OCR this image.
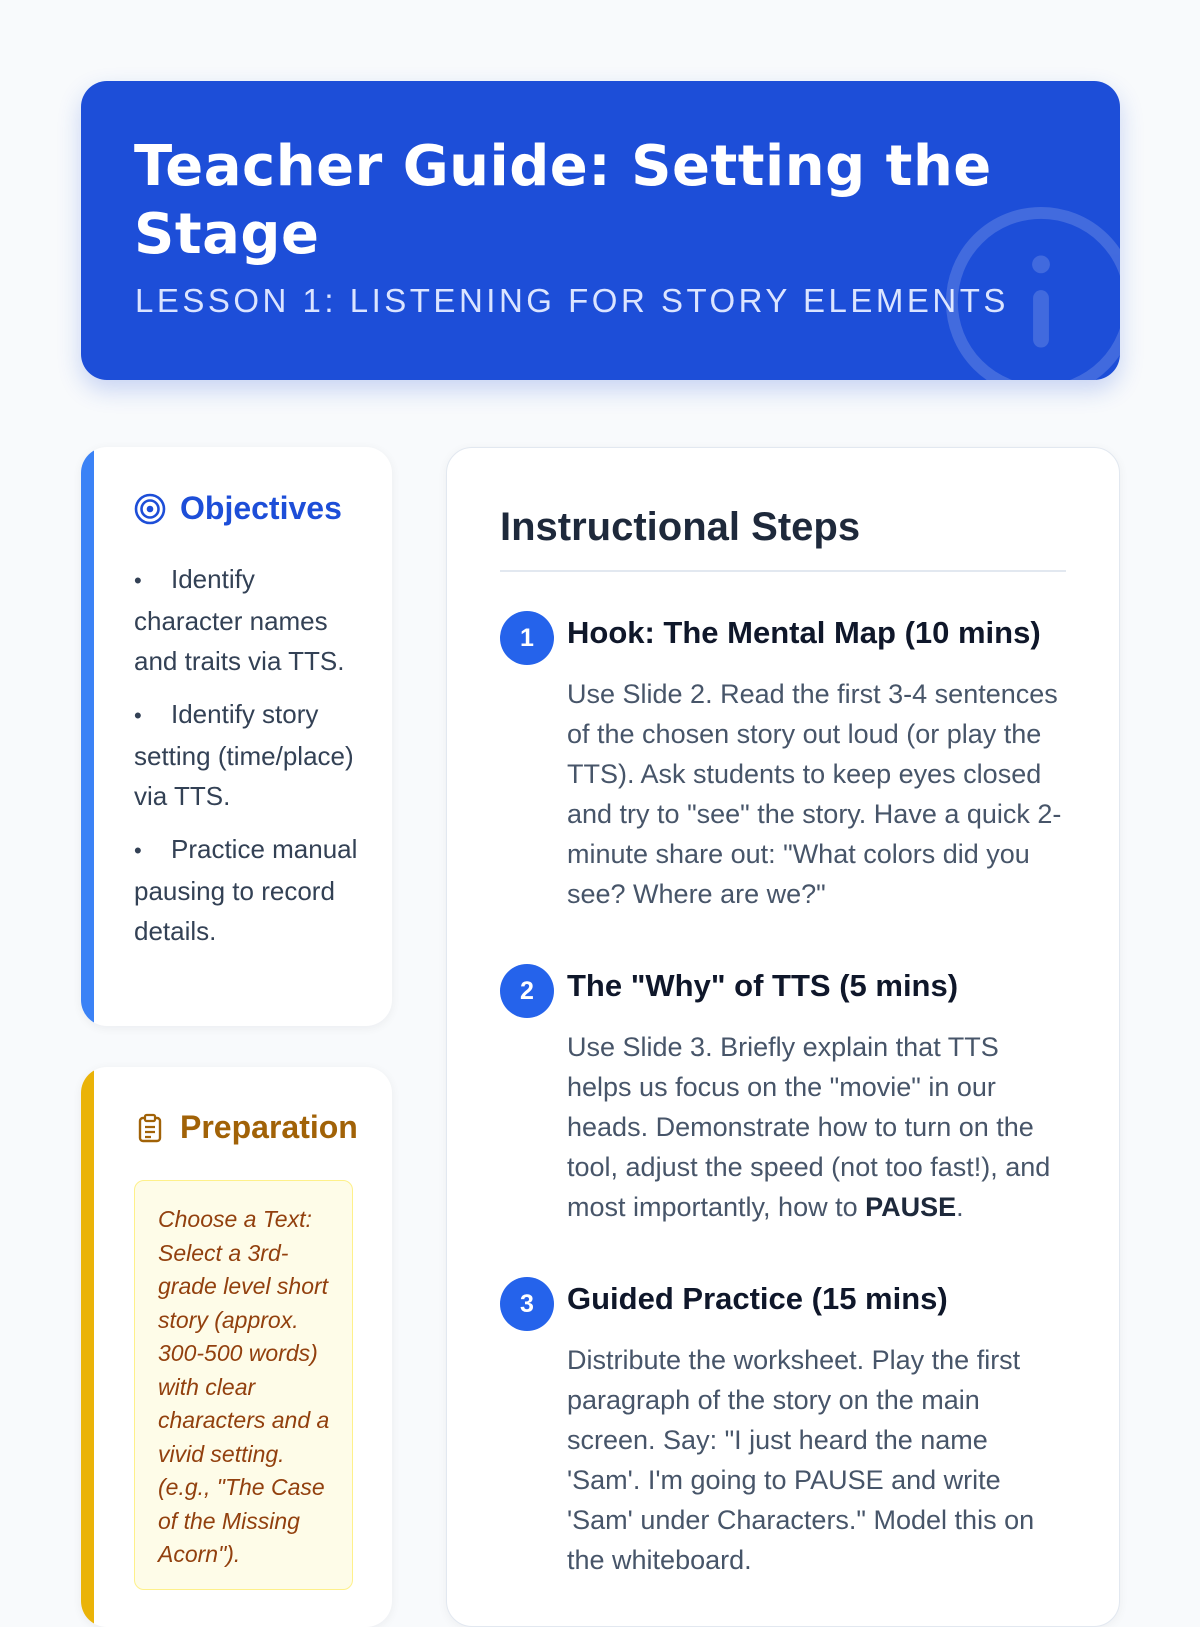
Teacher Guide: Setting the Stage
LESSON 1: LISTENING FOR STORY ELEMENTS
Objectives
• Identify character names and traits via TTS.
• Identify story setting (time/place) via TTS.
• Practice manual pausing to record details.
Preparation
Choose a Text: Select a 3rd-grade level short story (approx. 300-500 words) with clear characters and a vivid setting. (e.g., "The Case of the Missing Acorn").
Instructional Steps
1	Hook: The Mental Map (10 mins)

Use Slide 2. Read the first 3-4 sentences of the chosen story out loud (or play the TTS). Ask students to keep eyes closed and try to "see" the story. Have a quick 2-minute share out: "What colors did you see? Where are we?"

2	The "Why" of TTS (5 mins)

Use Slide 3. Briefly explain that TTS helps us focus on the "movie" in our heads. Demonstrate how to turn on the tool, adjust the speed (not too fast!), and most importantly, how to PAUSE.

3	Guided Practice (15 mins)

Distribute the worksheet. Play the first paragraph of the story on the main screen. Say: "I just heard the name 'Sam'. I'm going to PAUSE and write 'Sam' under Characters." Model this on the whiteboard.
